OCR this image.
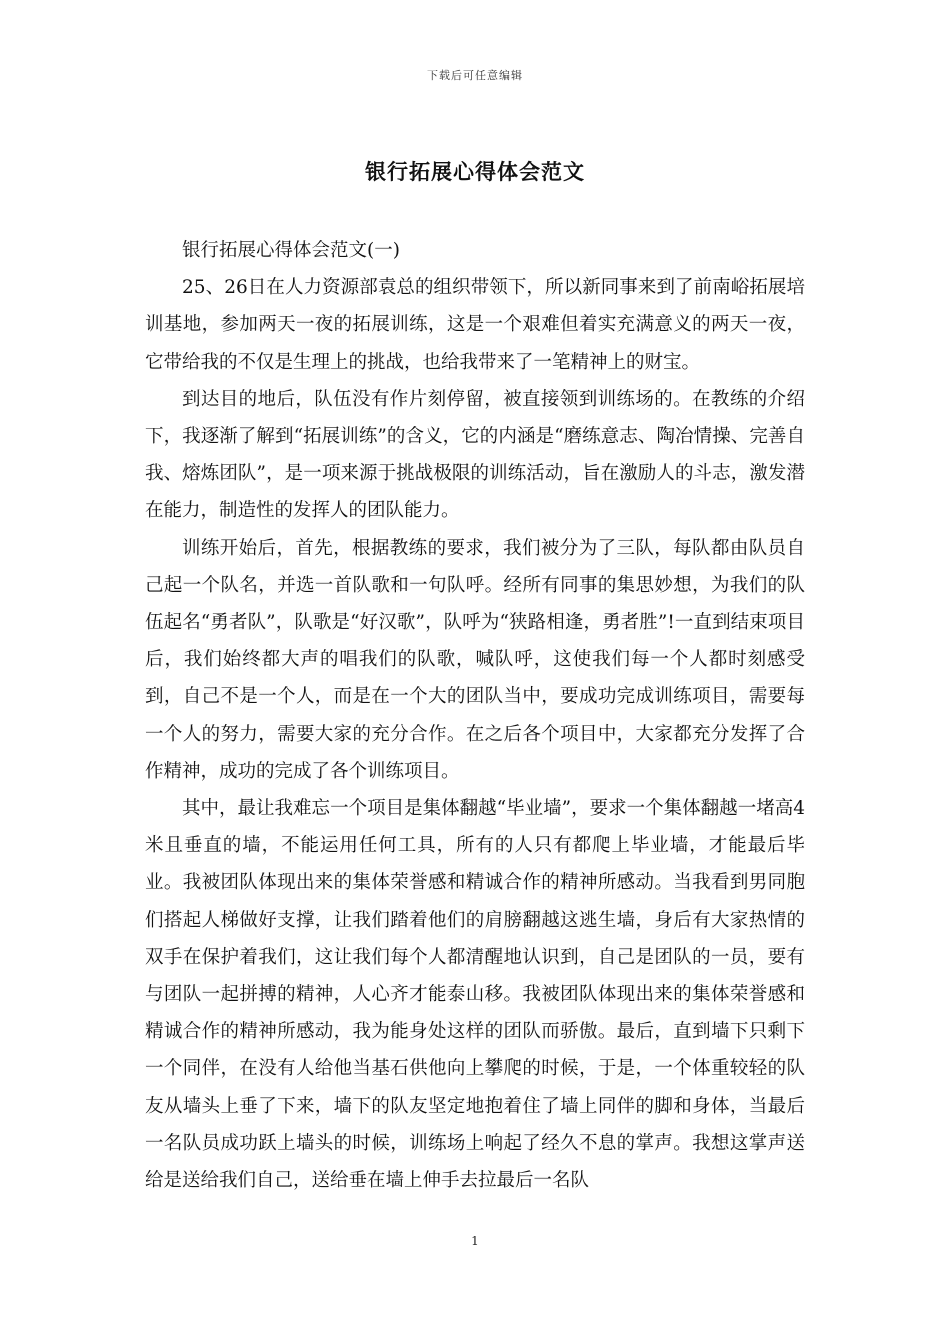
下载后可任意编辑
银行拓展心得体会范文

银行拓展心得体会范文(一)

25、26日在人力资源部袁总的组织带领下，所以新同事来到了前南峪拓展培训基地，参加两天一夜的拓展训练，这是一个艰难但着实充满意义的两天一夜，它带给我的不仅是生理上的挑战，也给我带来了一笔精神上的财宝。

到达目的地后，队伍没有作片刻停留，被直接领到训练场的。在教练的介绍下，我逐渐了解到“拓展训练”的含义，它的内涵是“磨练意志、陶冶情操、完善自我、熔炼团队”，是一项来源于挑战极限的训练活动，旨在激励人的斗志，激发潜在能力，制造性的发挥人的团队能力。

训练开始后，首先，根据教练的要求，我们被分为了三队，每队都由队员自己起一个队名，并选一首队歌和一句队呼。经所有同事的集思妙想，为我们的队伍起名“勇者队”，队歌是“好汉歌”，队呼为“狭路相逢，勇者胜”!一直到结束项目后，我们始终都大声的唱我们的队歌，喊队呼，这使我们每一个人都时刻感受到，自己不是一个人，而是在一个大的团队当中，要成功完成训练项目，需要每一个人的努力，需要大家的充分合作。在之后各个项目中，大家都充分发挥了合作精神，成功的完成了各个训练项目。

其中，最让我难忘一个项目是集体翻越“毕业墙”，要求一个集体翻越一堵高4米且垂直的墙，不能运用任何工具，所有的人只有都爬上毕业墙，才能最后毕业。我被团队体现出来的集体荣誉感和精诚合作的精神所感动。当我看到男同胞们搭起人梯做好支撑，让我们踏着他们的肩膀翻越这逃生墙，身后有大家热情的双手在保护着我们，这让我们每个人都清醒地认识到，自己是团队的一员，要有与团队一起拼搏的精神，人心齐才能泰山移。我被团队体现出来的集体荣誉感和精诚合作的精神所感动，我为能身处这样的团队而骄傲。最后，直到墙下只剩下一个同伴，在没有人给他当基石供他向上攀爬的时候，于是，一个体重较轻的队友从墙头上垂了下来，墙下的队友坚定地抱着住了墙上同伴的脚和身体，当最后一名队员成功跃上墙头的时候，训练场上响起了经久不息的掌声。我想这掌声送给是送给我们自己，送给垂在墙上伸手去拉最后一名队

1
